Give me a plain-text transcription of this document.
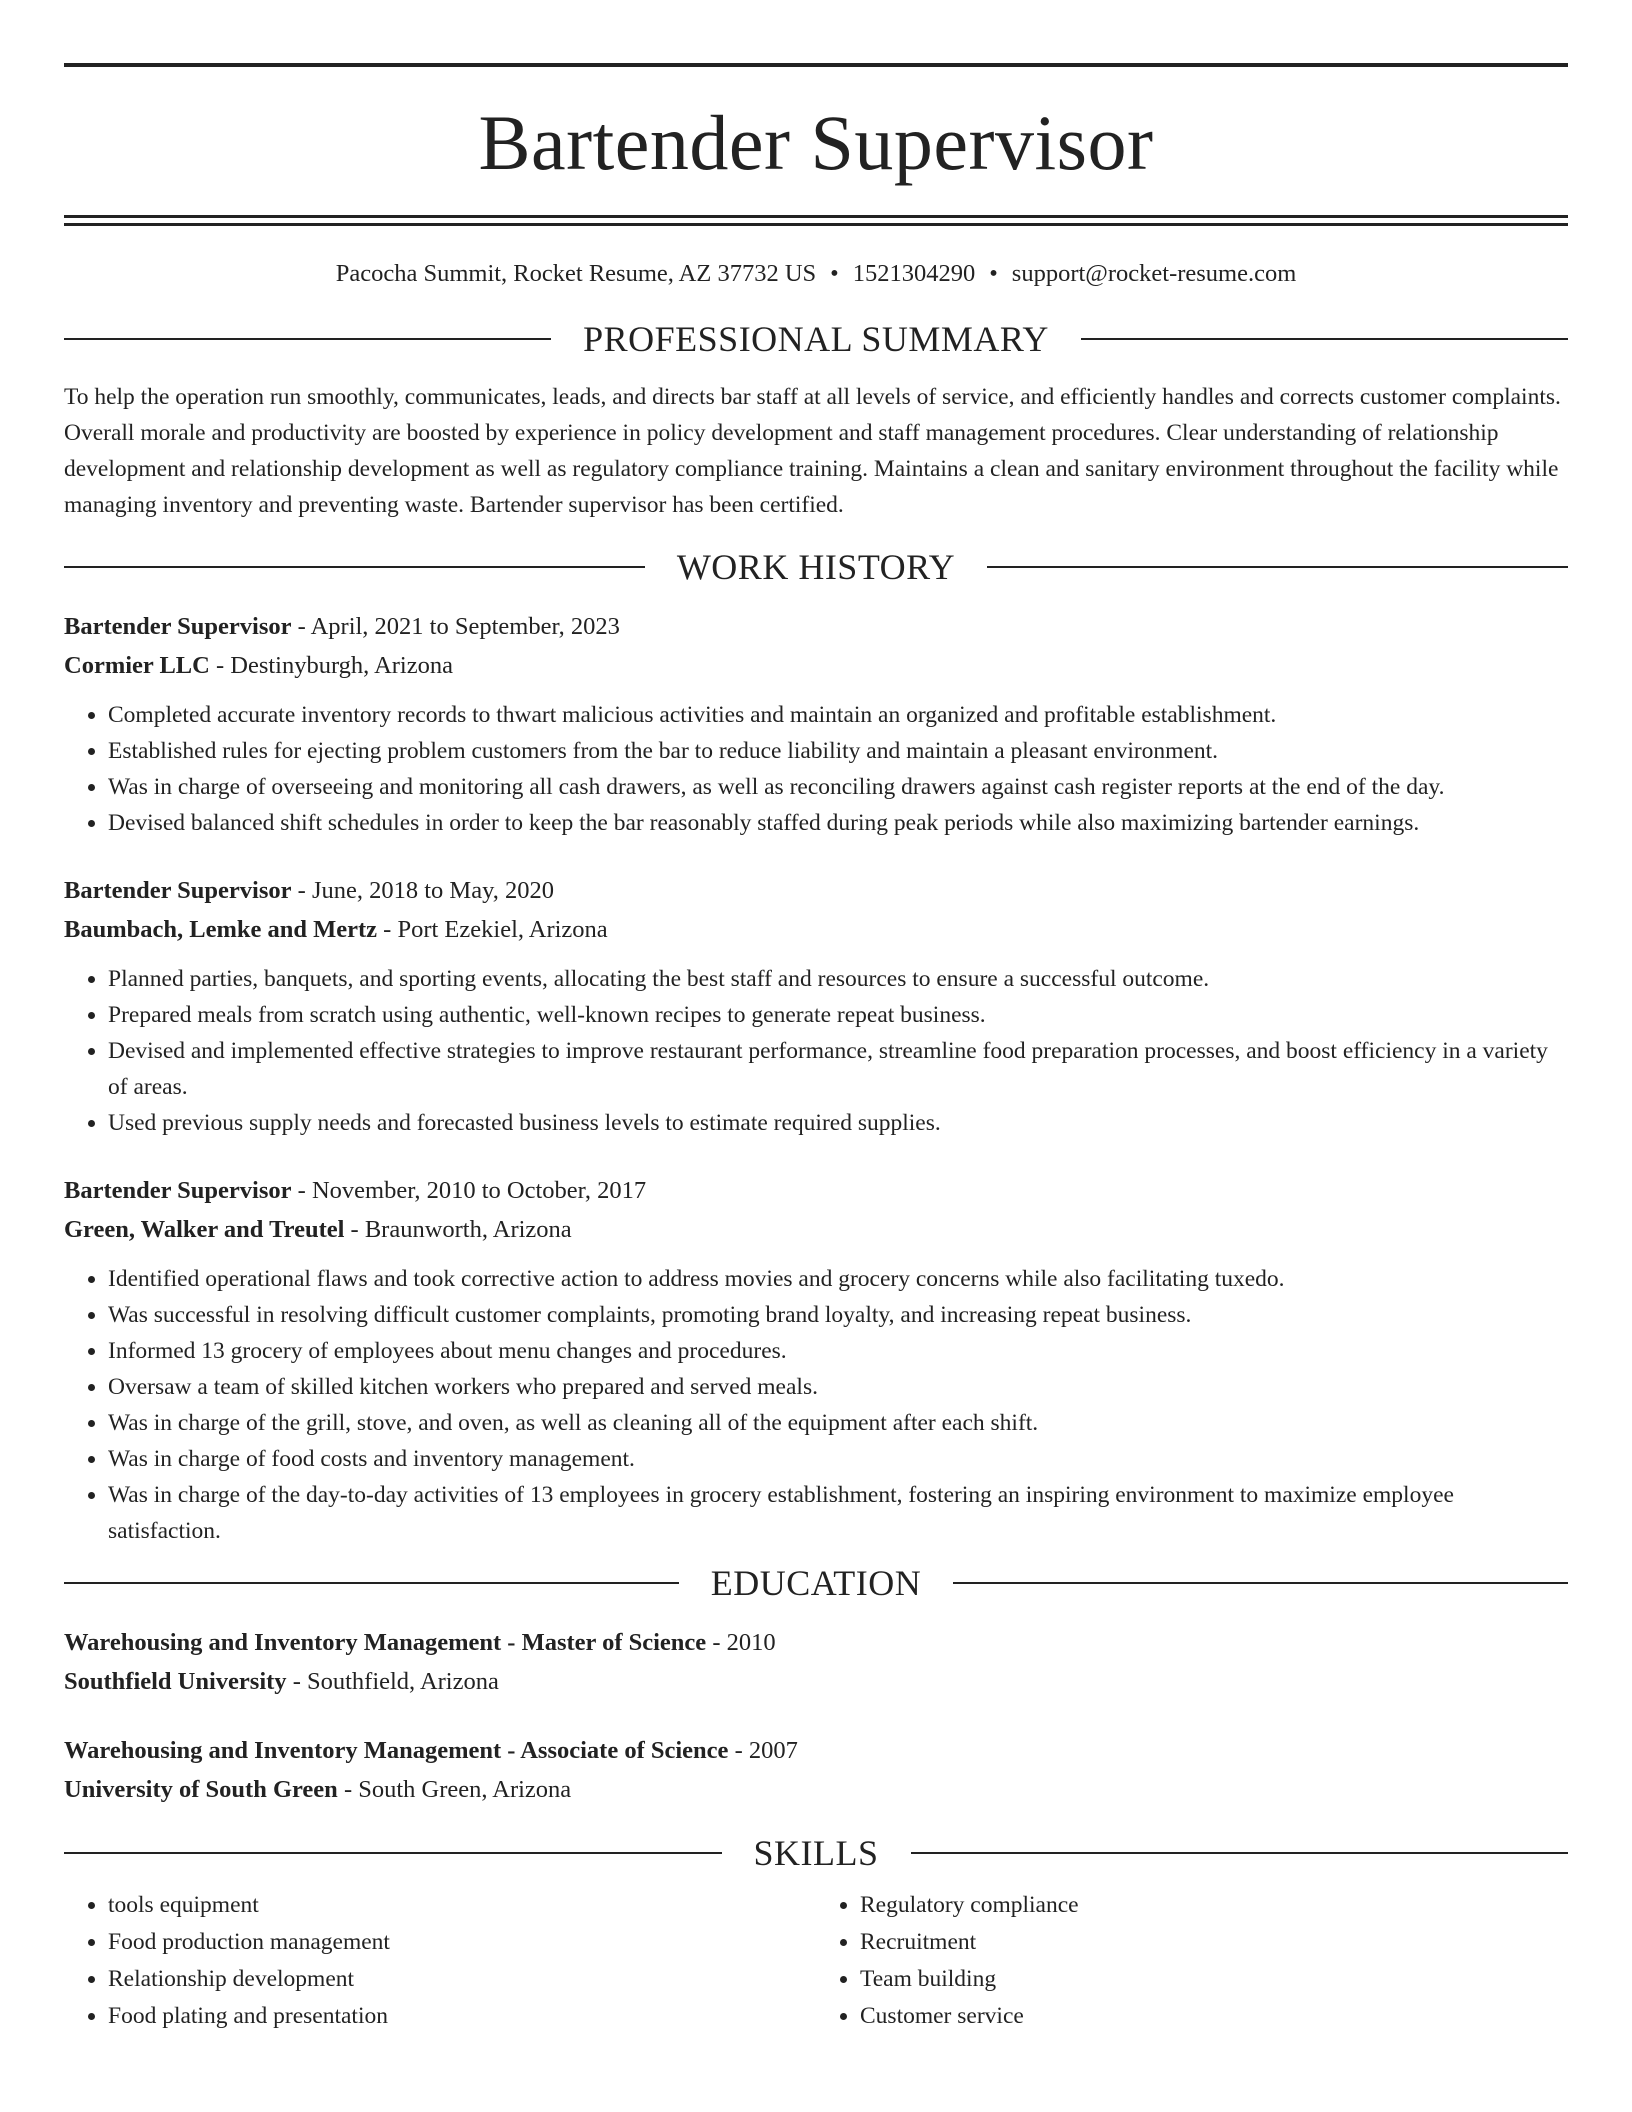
Bartender Supervisor
Pacocha Summit, Rocket Resume, AZ 37732 US • 1521304290 • support@rocket-resume.com
PROFESSIONAL SUMMARY

To help the operation run smoothly, communicates, leads, and directs bar staff at all levels of service, and efficiently handles and corrects customer complaints. Overall morale and productivity are boosted by experience in policy development and staff management procedures. Clear understanding of relationship development and relationship development as well as regulatory compliance training. Maintains a clean and sanitary environment throughout the facility while managing inventory and preventing waste. Bartender supervisor has been certified.

WORK HISTORY
Bartender Supervisor - April, 2021 to September, 2023
Cormier LLC - Destinyburgh, Arizona
• Completed accurate inventory records to thwart malicious activities and maintain an organized and profitable establishment.
• Established rules for ejecting problem customers from the bar to reduce liability and maintain a pleasant environment.
• Was in charge of overseeing and monitoring all cash drawers, as well as reconciling drawers against cash register reports at the end of the day.
• Devised balanced shift schedules in order to keep the bar reasonably staffed during peak periods while also maximizing bartender earnings.
Bartender Supervisor - June, 2018 to May, 2020
Baumbach, Lemke and Mertz - Port Ezekiel, Arizona
• Planned parties, banquets, and sporting events, allocating the best staff and resources to ensure a successful outcome.
• Prepared meals from scratch using authentic, well-known recipes to generate repeat business.
• Devised and implemented effective strategies to improve restaurant performance, streamline food preparation processes, and boost efficiency in a variety of areas.
• Used previous supply needs and forecasted business levels to estimate required supplies.
Bartender Supervisor - November, 2010 to October, 2017
Green, Walker and Treutel - Braunworth, Arizona
• Identified operational flaws and took corrective action to address movies and grocery concerns while also facilitating tuxedo.
• Was successful in resolving difficult customer complaints, promoting brand loyalty, and increasing repeat business.
• Informed 13 grocery of employees about menu changes and procedures.
• Oversaw a team of skilled kitchen workers who prepared and served meals.
• Was in charge of the grill, stove, and oven, as well as cleaning all of the equipment after each shift.
• Was in charge of food costs and inventory management.
• Was in charge of the day-to-day activities of 13 employees in grocery establishment, fostering an inspiring environment to maximize employee satisfaction.
EDUCATION
Warehousing and Inventory Management - Master of Science - 2010
Southfield University - Southfield, Arizona
Warehousing and Inventory Management - Associate of Science - 2007
University of South Green - South Green, Arizona
SKILLS
• tools equipment
• Food production management
• Relationship development
• Food plating and presentation
• Regulatory compliance
• Recruitment
• Team building
• Customer service
